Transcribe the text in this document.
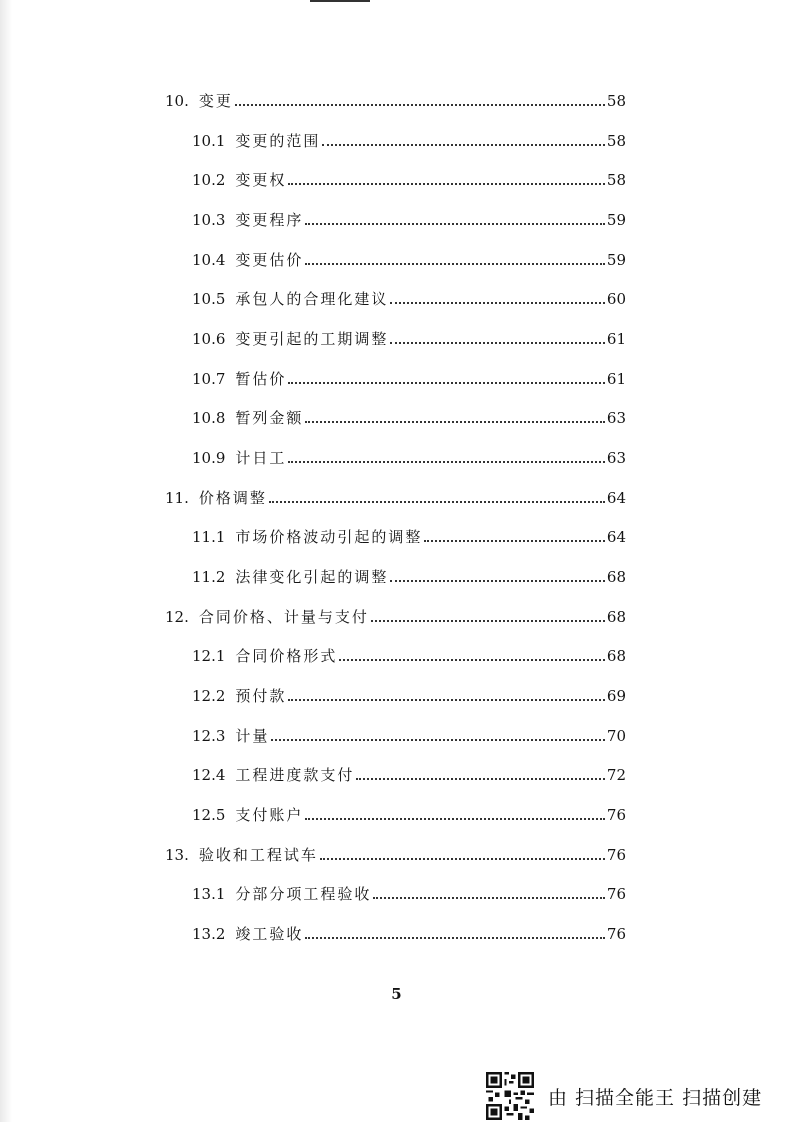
10. 变更	58
10.1 变更的范围	58
10.2 变更权	58
10.3 变更程序	59
10.4 变更估价	59
10.5 承包人的合理化建议	60
10.6 变更引起的工期调整	61
10.7 暂估价	61
10.8 暂列金额	63
10.9 计日工	63
11. 价格调整	64
11.1 市场价格波动引起的调整	64
11.2 法律变化引起的调整	68
12. 合同价格、计量与支付	68
12.1 合同价格形式	68
12.2 预付款	69
12.3 计量	70
12.4 工程进度款支付	72
12.5 支付账户	76
13. 验收和工程试车	76
13.1 分部分项工程验收	76
13.2 竣工验收	76
5
由 扫描全能王 扫描创建
